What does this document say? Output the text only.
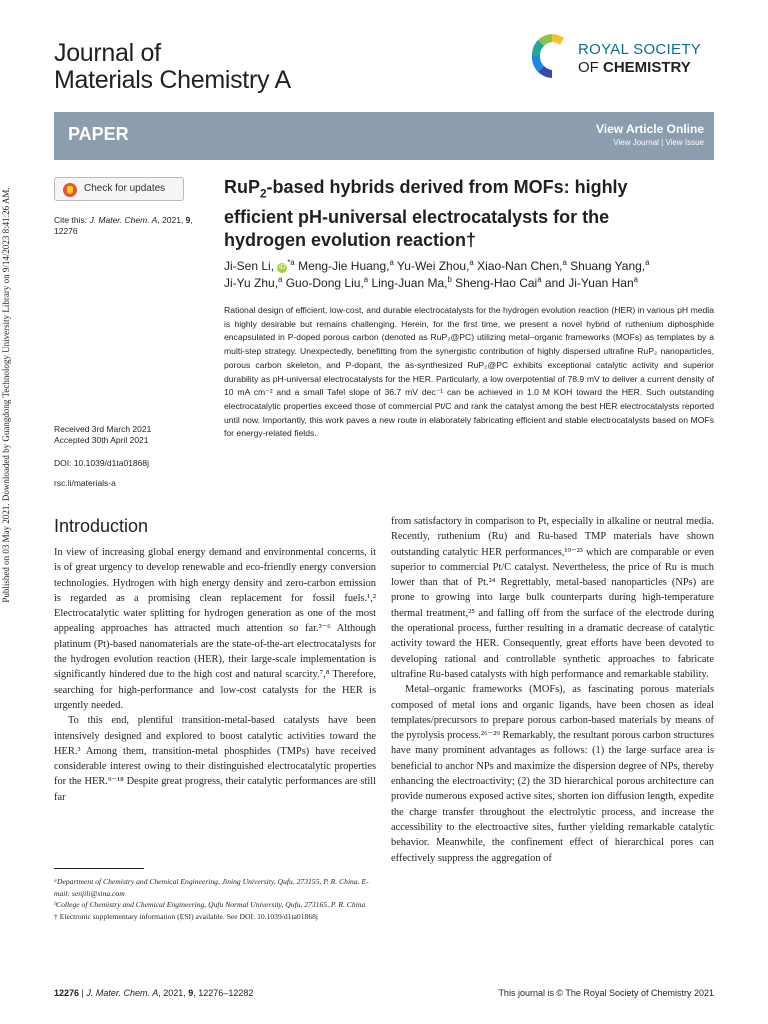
Published on 03 May 2021. Downloaded by Guangdong Technology University Library on 9/14/2023 8:41:26 AM.
Journal of
Materials Chemistry A
ROYAL SOCIETY
OF CHEMISTRY
PAPER	View Article Online
View Journal | View Issue
Check for updates
Cite this: J. Mater. Chem. A, 2021, 9, 12276
Received 3rd March 2021
Accepted 30th April 2021
DOI: 10.1039/d1ta01868j
rsc.li/materials-a
RuP$_2$-based hybrids derived from MOFs: highly efficient pH-universal electrocatalysts for the hydrogen evolution reaction†
Ji-Sen Li, $iD^{*a}$ Meng-Jie Huang,$^a$ Yu-Wei Zhou,$^a$ Xiao-Nan Chen,$^a$ Shuang Yang,$^a$
Ji-Yu Zhu,$^a$ Guo-Dong Liu,$^a$ Ling-Juan Ma,$^b$ Sheng-Hao Cai$^a$ and Ji-Yuan Han$^a$
Rational design of efficient, low-cost, and durable electrocatalysts for the hydrogen evolution reaction (HER) in various pH media is highly desirable but remains challenging. Herein, for the first time, we present a novel hybrid of ruthenium diphosphide encapsulated in P-doped porous carbon (denoted as RuP₂@PC) utilizing metal–organic frameworks (MOFs) as templates by a multi-step strategy. Unexpectedly, benefitting from the synergistic contribution of highly dispersed ultrafine RuP₂ nanoparticles, porous carbon skeleton, and P-dopant, the as-synthesized RuP₂@PC exhibits exceptional catalytic activity and superior durability as pH-universal electrocatalysts for the HER. Particularly, a low overpotential of 78.9 mV to deliver a current density of 10 mA cm⁻² and a small Tafel slope of 36.7 mV dec⁻¹ can be achieved in 1.0 M KOH toward the HER. Such outstanding electrocatalytic properties exceed those of commercial Pt/C and rank the catalyst among the best HER electrocatalysts reported until now. Importantly, this work paves a new route in elaborately fabricating efficient and stable electrocatalysts based on MOFs for energy-related fields.
Introduction

In view of increasing global energy demand and environmental concerns, it is of great urgency to develop renewable and eco-friendly energy conversion technologies. Hydrogen with high energy density and zero-carbon emission is regarded as a promising clean replacement for fossil fuels.¹,² Electrocatalytic water splitting for hydrogen generation as one of the most appealing approaches has attracted much attention so far.³⁻⁶ Although platinum (Pt)-based nanomaterials are the state-of-the-art electrocatalysts for the hydrogen evolution reaction (HER), their large-scale implementation is significantly hindered due to the high cost and natural scarcity.⁷,⁸ Therefore, searching for high-performance and low-cost catalysts for the HER is urgently needed.

To this end, plentiful transition-metal-based catalysts have been intensively designed and explored to boost catalytic activities toward the HER.³ Among them, transition-metal phosphides (TMPs) have received considerable interest owing to their distinguished electrocatalytic properties for the HER.⁹⁻¹⁸ Despite great progress, their catalytic performances are still far

from satisfactory in comparison to Pt, especially in alkaline or neutral media. Recently, ruthenium (Ru) and Ru-based TMP materials have shown outstanding catalytic HER performances,¹⁹⁻²³ which are comparable or even superior to commercial Pt/C catalyst. Nevertheless, the price of Ru is much lower than that of Pt.²⁴ Regrettably, metal-based nanoparticles (NPs) are prone to growing into large bulk counterparts during high-temperature thermal treatment,²⁵ and falling off from the surface of the electrode during the operational process, further resulting in a dramatic decrease of catalytic activity toward the HER. Consequently, great efforts have been devoted to developing rational and controllable synthetic approaches to fabricate ultrafine Ru-based catalysts with high performance and remarkable stability.

Metal–organic frameworks (MOFs), as fascinating porous materials composed of metal ions and organic ligands, have been chosen as ideal templates/precursors to prepare porous carbon-based materials by means of the pyrolysis process.²⁶⁻²⁹ Remarkably, the resultant porous carbon structures have many prominent advantages as follows: (1) the large surface area is beneficial to anchor NPs and maximize the dispersion degree of NPs, thereby enhancing the electroactivity; (2) the 3D hierarchical porous architecture can provide numerous exposed active sites, shorten ion diffusion length, expedite the charge transfer throughout the electrolytic process, and increase the accessibility to the electroactive sites, further yielding remarkable catalytic behavior. Meanwhile, the confinement effect of hierarchical pores can effectively suppress the aggregation of

ᵃDepartment of Chemistry and Chemical Engineering, Jining University, Qufu, 273155, P. R. China. E-mail: senjili@sina.com

ᵇCollege of Chemistry and Chemical Engineering, Qufu Normal University, Qufu, 273165, P. R. China

† Electronic supplementary information (ESI) available. See DOI: 10.1039/d1ta01868j

12276 | J. Mater. Chem. A, 2021, 9, 12276–12282	This journal is © The Royal Society of Chemistry 2021
